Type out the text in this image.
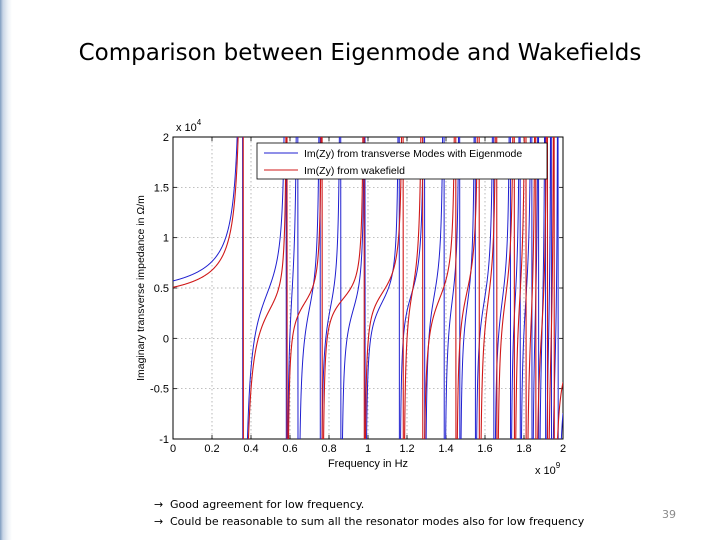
Comparison between Eigenmode and Wakefields
0	0.2 0.4 0.6 0.8	1	1.2 1.4 1.6 1.8	2
-1
-0.5
0
0.5
1
1.5
2
x $10^4$
x $10^9$
Frequency in Hz
Imaginary transverse impedance in Ω/m
Im(Zy) from transverse Modes with Eigenmode
Im(Zy) from wakefield
→ Good agreement for low frequency.
→ Could be reasonable to sum all the resonator modes also for low frequency
39
